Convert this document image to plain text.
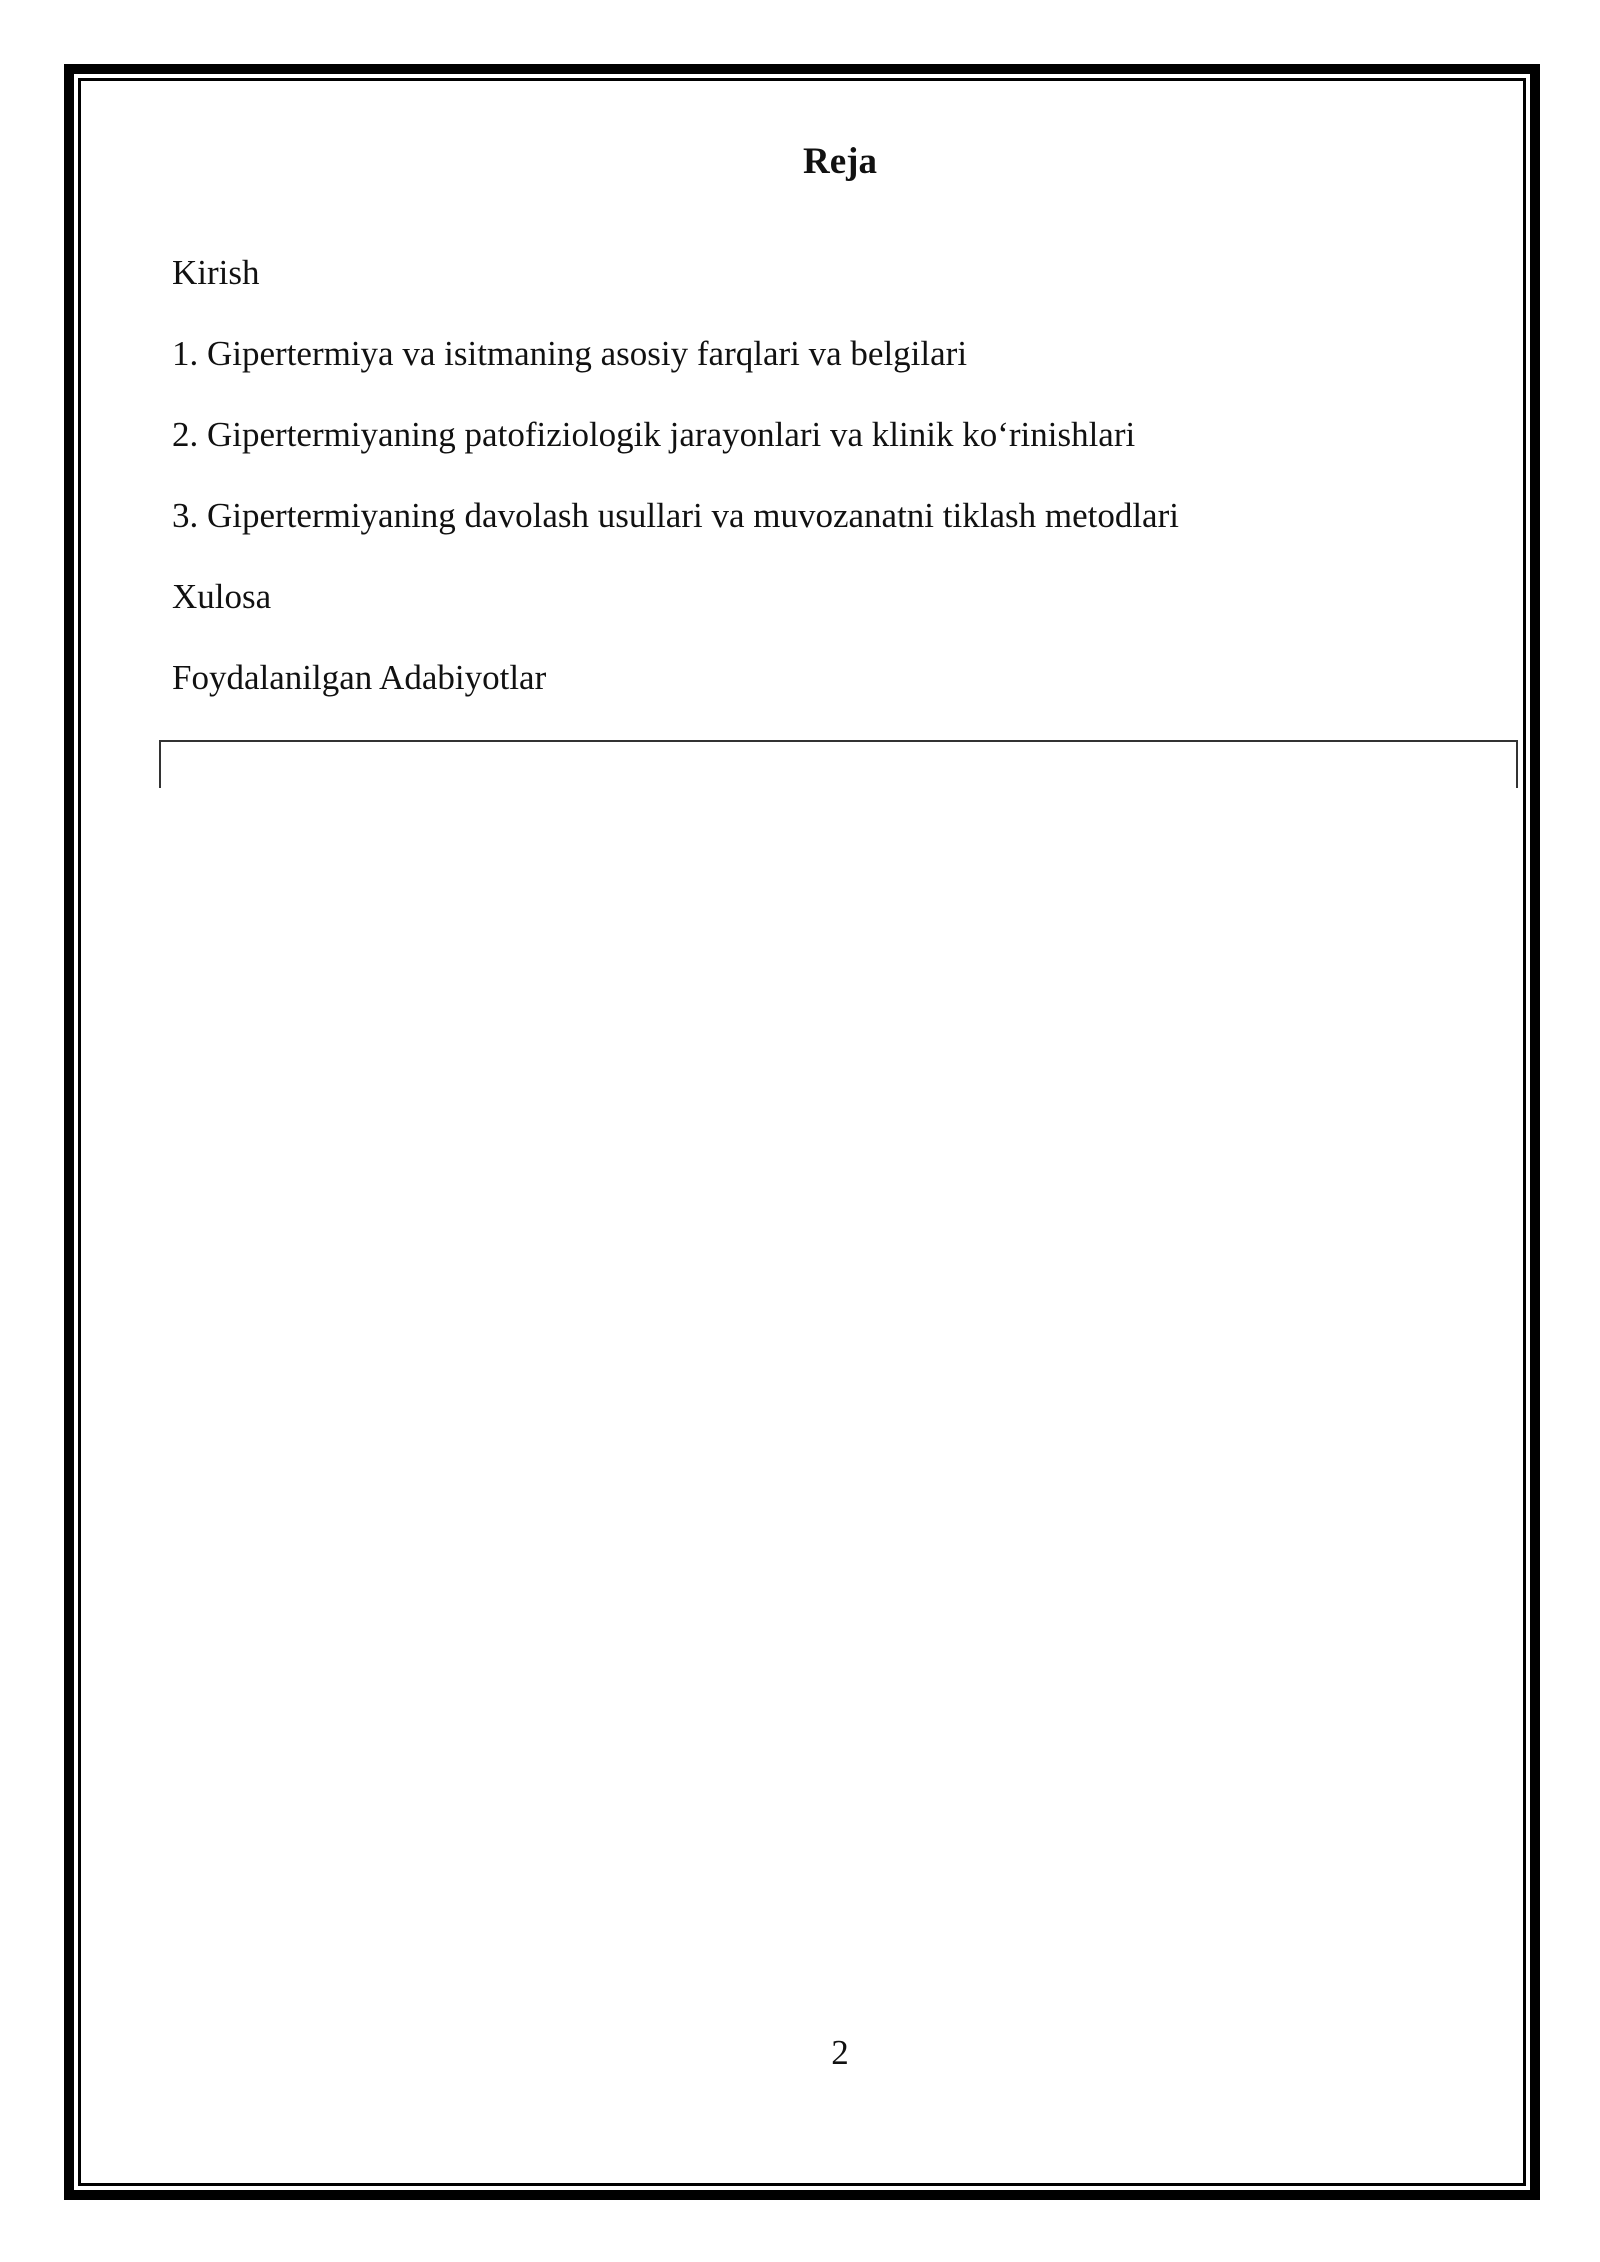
Reja
Kirish
1. Gipertermiya va isitmaning asosiy farqlari va belgilari
2. Gipertermiyaning patofiziologik jarayonlari va klinik ko‘rinishlari
3. Gipertermiyaning davolash usullari va muvozanatni tiklash metodlari
Xulosa
Foydalanilgan Adabiyotlar
2
